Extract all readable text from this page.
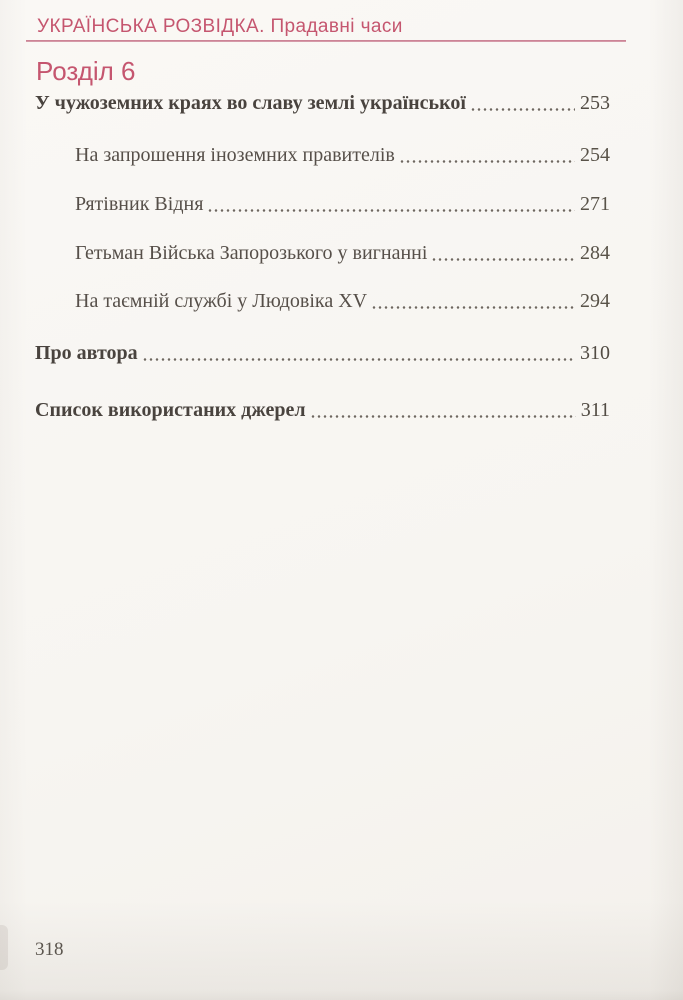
УКРАЇНСЬКА РОЗВІДКА. Прадавні часи
Розділ 6
У чужоземних краях во славу землі української	253
На запрошення іноземних правителів	254
Рятівник Відня	271
Гетьман Війська Запорозького у вигнанні	284
На таємній службі у Людовіка XV	294
Про автора	310
Список використаних джерел	311
318
